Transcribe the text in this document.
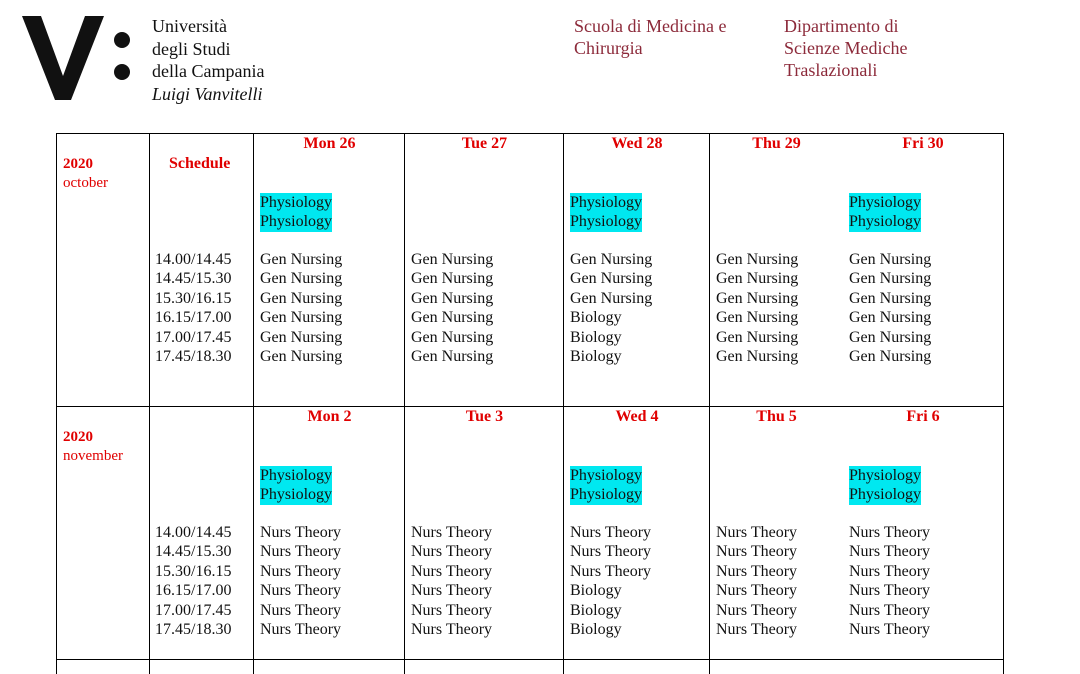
Università
degli Studi
della Campania
Luigi Vanvitelli
Scuola di Medicina e
Chirurgia
Dipartimento di
Scienze Mediche
Traslazionali
2020
october
Schedule
14.00/14.45
14.45/15.30
15.30/16.15
16.15/17.00
17.00/17.45
17.45/18.30
Mon 26
Physiology
Physiology
Gen Nursing
Gen Nursing
Gen Nursing
Gen Nursing
Gen Nursing
Gen Nursing
Tue 27
Gen Nursing
Gen Nursing
Gen Nursing
Gen Nursing
Gen Nursing
Gen Nursing
Wed 28
Physiology
Physiology
Gen Nursing
Gen Nursing
Gen Nursing
Biology
Biology
Biology
Thu 29
Gen Nursing
Gen Nursing
Gen Nursing
Gen Nursing
Gen Nursing
Gen Nursing
Fri 30
Physiology
Physiology
Gen Nursing
Gen Nursing
Gen Nursing
Gen Nursing
Gen Nursing
Gen Nursing
2020
november
14.00/14.45
14.45/15.30
15.30/16.15
16.15/17.00
17.00/17.45
17.45/18.30
Mon 2
Physiology
Physiology
Nurs Theory
Nurs Theory
Nurs Theory
Nurs Theory
Nurs Theory
Nurs Theory
Tue 3
Nurs Theory
Nurs Theory
Nurs Theory
Nurs Theory
Nurs Theory
Nurs Theory
Wed 4
Physiology
Physiology
Nurs Theory
Nurs Theory
Nurs Theory
Biology
Biology
Biology
Thu 5
Nurs Theory
Nurs Theory
Nurs Theory
Nurs Theory
Nurs Theory
Nurs Theory
Fri 6
Physiology
Physiology
Nurs Theory
Nurs Theory
Nurs Theory
Nurs Theory
Nurs Theory
Nurs Theory
